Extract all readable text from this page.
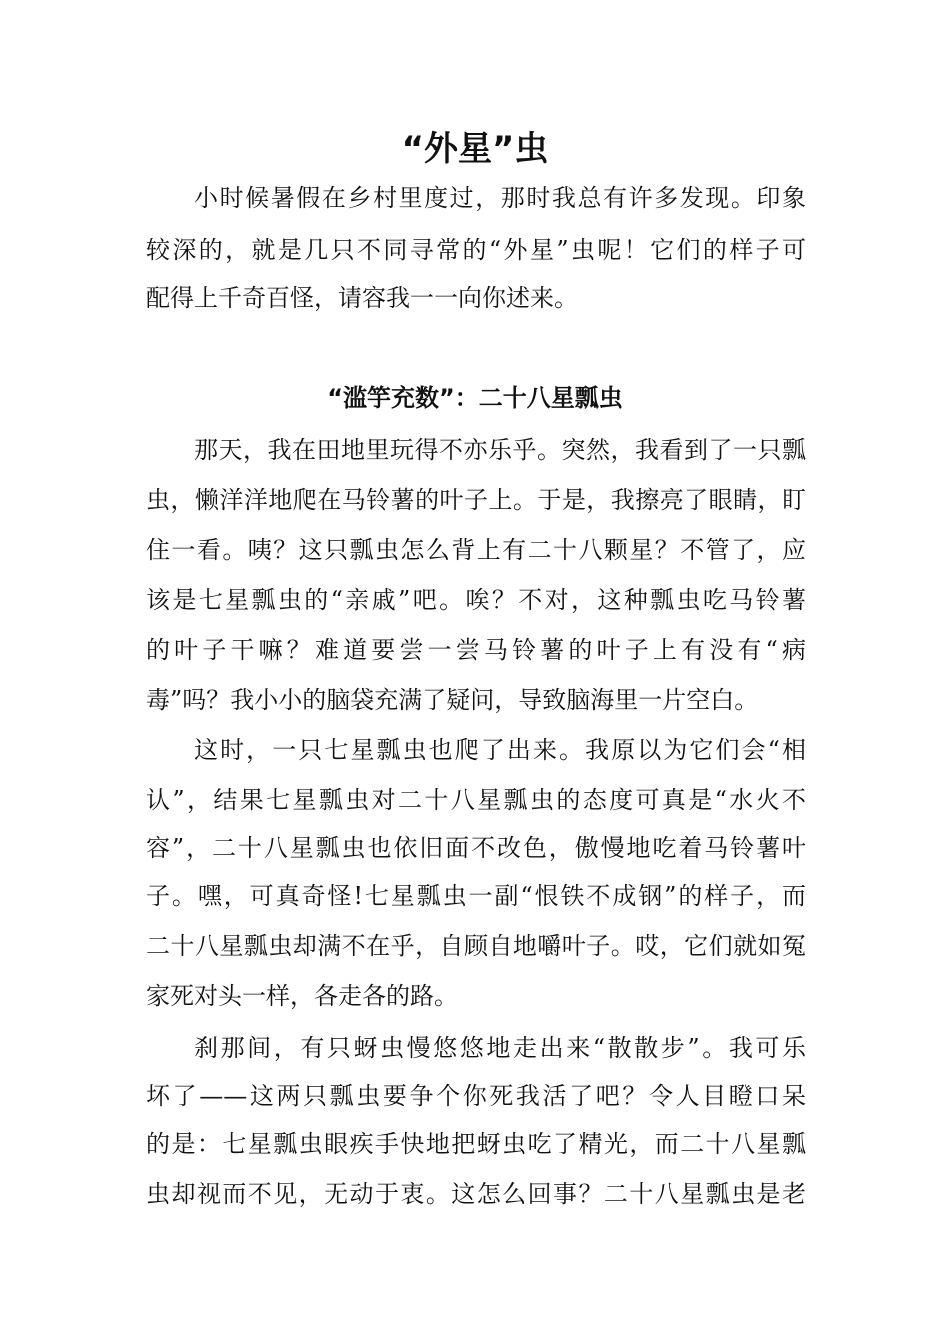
“外星”虫

小时候暑假在乡村里度过，那时我总有许多发现。印象

较深的，就是几只不同寻常的“外星”虫呢！它们的样子可

配得上千奇百怪，请容我一一向你述来。

“滥竽充数”：二十八星瓢虫

那天，我在田地里玩得不亦乐乎。突然，我看到了一只瓢

虫，懒洋洋地爬在马铃薯的叶子上。于是，我擦亮了眼睛，盯

住一看。咦？这只瓢虫怎么背上有二十八颗星？不管了，应

该是七星瓢虫的“亲戚”吧。唉？不对，这种瓢虫吃马铃薯

的叶子干嘛？难道要尝一尝马铃薯的叶子上有没有“病

毒”吗？我小小的脑袋充满了疑问，导致脑海里一片空白。

这时，一只七星瓢虫也爬了出来。我原以为它们会“相

认”，结果七星瓢虫对二十八星瓢虫的态度可真是“水火不

容”，二十八星瓢虫也依旧面不改色，傲慢地吃着马铃薯叶

子。嘿，可真奇怪!七星瓢虫一副“恨铁不成钢”的样子，而

二十八星瓢虫却满不在乎，自顾自地嚼叶子。哎，它们就如冤

家死对头一样，各走各的路。

刹那间，有只蚜虫慢悠悠地走出来“散散步”。我可乐

坏了——这两只瓢虫要争个你死我活了吧？令人目瞪口呆

的是：七星瓢虫眼疾手快地把蚜虫吃了精光，而二十八星瓢

虫却视而不见，无动于衷。这怎么回事？二十八星瓢虫是老
